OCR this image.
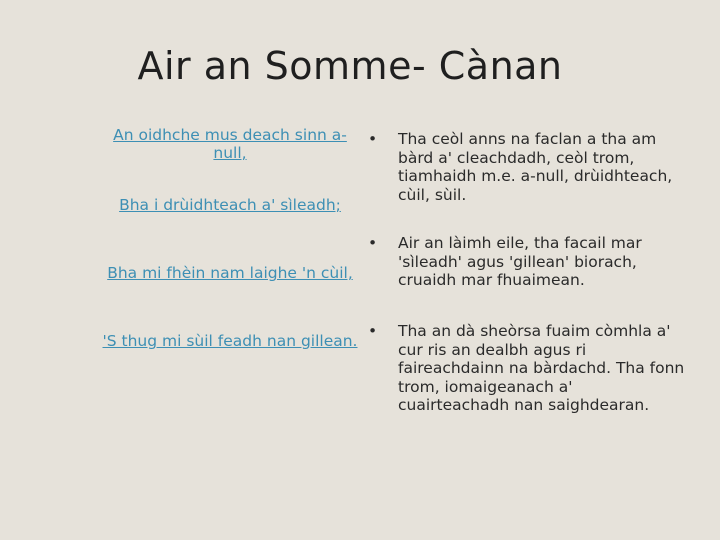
Air an Somme- Cànan
An oidhche mus deach sinn a-null,
Bha i drùidhteach a' sìleadh;
Bha mi fhèin nam laighe 'n cùil,
'S thug mi sùil feadh nan gillean.
•	Tha ceòl anns na faclan a tha am bàrd a' cleachdadh, ceòl trom, tiamhaidh m.e. a-null, drùidhteach, cùil, sùil.
•	Air an làimh eile, tha facail mar 'sìleadh' agus 'gillean' biorach, cruaidh mar fhuaimean.
•	Tha an dà sheòrsa fuaim còmhla a' cur ris an dealbh agus ri faireachdainn na bàrdachd. Tha fonn trom, iomaigeanach a' cuairteachadh nan saighdearan.
